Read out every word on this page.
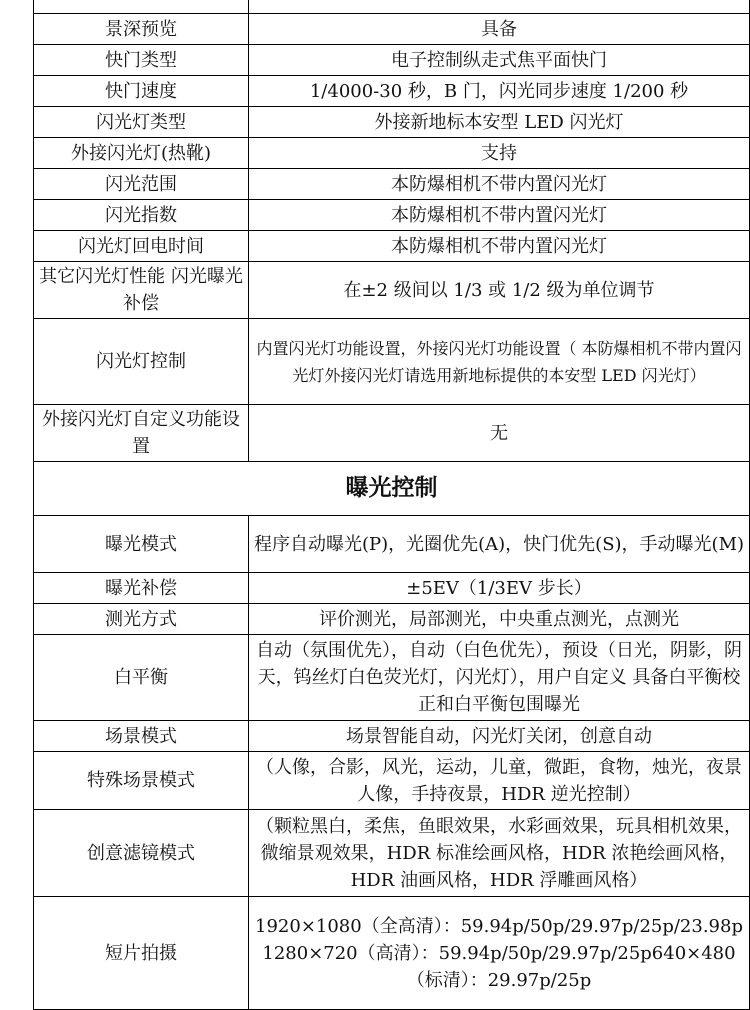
景深预览	具备
快门类型	电子控制纵走式焦平面快门
快门速度	1/4000-30 秒，B 门，闪光同步速度 1/200 秒
闪光灯类型	外接新地标本安型 LED 闪光灯
外接闪光灯(热靴)	支持
闪光范围	本防爆相机不带内置闪光灯
闪光指数	本防爆相机不带内置闪光灯
闪光灯回电时间	本防爆相机不带内置闪光灯
其它闪光灯性能 闪光曝光补偿	在±2 级间以 1/3 或 1/2 级为单位调节
闪光灯控制	内置闪光灯功能设置，外接闪光灯功能设置（ 本防爆相机不带内置闪光灯外接闪光灯请选用新地标提供的本安型 LED 闪光灯）
外接闪光灯自定义功能设置	无
曝光控制	
曝光模式	程序自动曝光(P)，光圈优先(A)，快门优先(S)，手动曝光(M)
曝光补偿	±5EV（1/3EV 步长）
测光方式	评价测光，局部测光，中央重点测光，点测光
白平衡	自动（氛围优先），自动（白色优先），预设（日光，阴影，阴天，钨丝灯白色荧光灯，闪光灯），用户自定义 具备白平衡校正和白平衡包围曝光
场景模式	场景智能自动，闪光灯关闭，创意自动
特殊场景模式	（人像，合影，风光，运动，儿童，微距，食物，烛光，夜景人像，手持夜景，HDR 逆光控制）
创意滤镜模式	（颗粒黑白，柔焦，鱼眼效果，水彩画效果，玩具相机效果，微缩景观效果，HDR 标准绘画风格，HDR 浓艳绘画风格，HDR 油画风格，HDR 浮雕画风格）
短片拍摄	1920×1080（全高清）：59.94p/50p/29.97p/25p/23.98p 1280×720（高清）：59.94p/50p/29.97p/25p640×480（标清）：29.97p/25p
